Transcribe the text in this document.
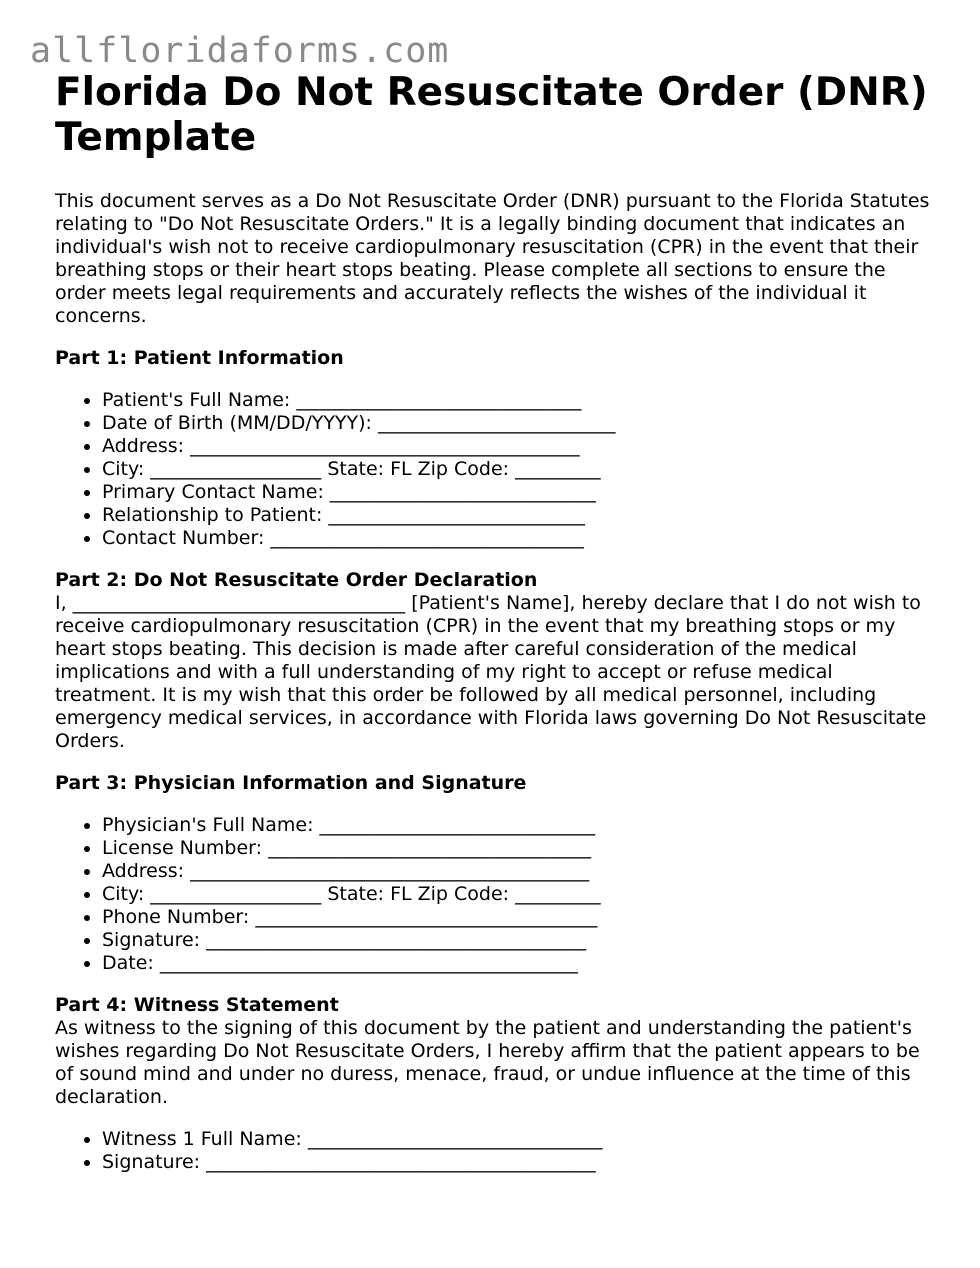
allfloridaforms.com
Florida Do Not Resuscitate Order (DNR) Template

This document serves as a Do Not Resuscitate Order (DNR) pursuant to the Florida Statutes relating to "Do Not Resuscitate Orders." It is a legally binding document that indicates an individual's wish not to receive cardiopulmonary resuscitation (CPR) in the event that their breathing stops or their heart stops beating. Please complete all sections to ensure the order meets legal requirements and accurately reflects the wishes of the individual it concerns.

Part 1: Patient Information
Patient's Full Name: ______________________________
Date of Birth (MM/DD/YYYY): _________________________
Address: _________________________________________
City: __________________ State: FL Zip Code: _________
Primary Contact Name: ____________________________
Relationship to Patient: ___________________________
Contact Number: _________________________________
Part 2: Do Not Resuscitate Order Declaration

I, ___________________________________ [Patient's Name], hereby declare that I do not wish to receive cardiopulmonary resuscitation (CPR) in the event that my breathing stops or my heart stops beating. This decision is made after careful consideration of the medical implications and with a full understanding of my right to accept or refuse medical treatment. It is my wish that this order be followed by all medical personnel, including emergency medical services, in accordance with Florida laws governing Do Not Resuscitate Orders.

Part 3: Physician Information and Signature
Physician's Full Name: _____________________________
License Number: __________________________________
Address: __________________________________________
City: __________________ State: FL Zip Code: _________
Phone Number: ____________________________________
Signature: ________________________________________
Date: ____________________________________________
Part 4: Witness Statement

As witness to the signing of this document by the patient and understanding the patient's wishes regarding Do Not Resuscitate Orders, I hereby affirm that the patient appears to be of sound mind and under no duress, menace, fraud, or undue influence at the time of this declaration.

Witness 1 Full Name: _______________________________
Signature: _________________________________________
